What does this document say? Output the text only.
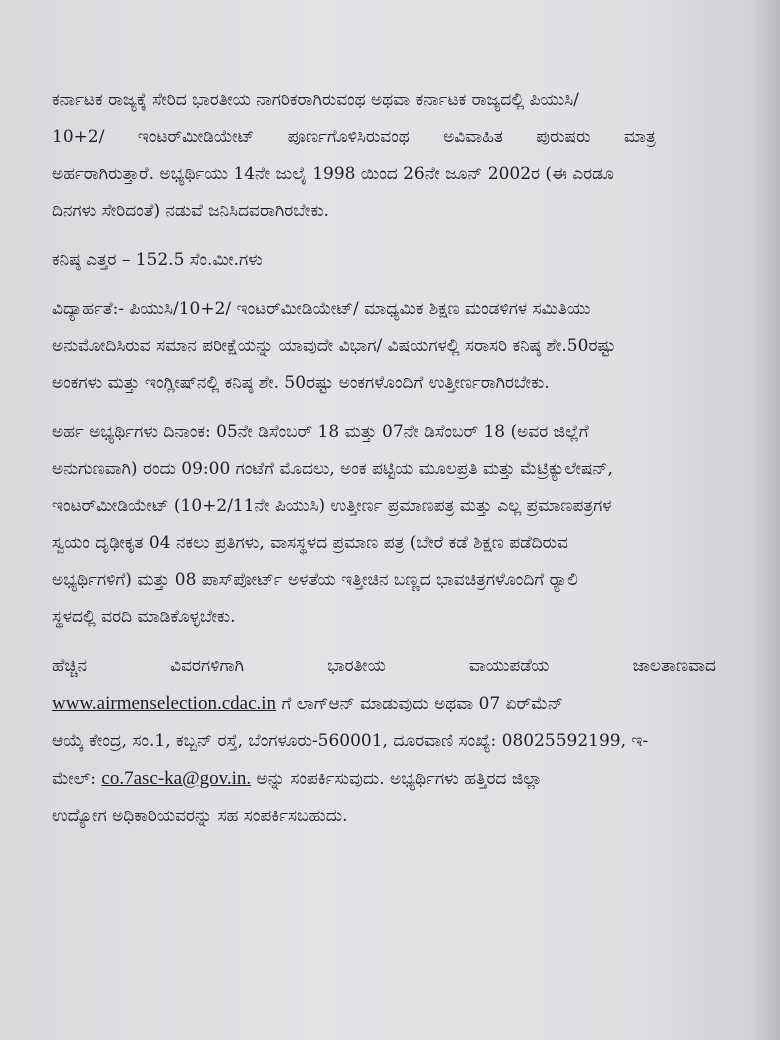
ಕರ್ನಾಟಕ ರಾಜ್ಯಕ್ಕೆ ಸೇರಿದ ಭಾರತೀಯ ನಾಗರಿಕರಾಗಿರುವಂಥ ಅಥವಾ ಕರ್ನಾಟಕ ರಾಜ್ಯದಲ್ಲಿ ಪಿಯುಸಿ/
10+2/ ಇಂಟರ್‌ಮೀಡಿಯೇಟ್ ಪೂರ್ಣಗೊಳಿಸಿರುವಂಥ ಅವಿವಾಹಿತ ಪುರುಷರು ಮಾತ್ರ
ಅರ್ಹರಾಗಿರುತ್ತಾರೆ. ಅಭ್ಯರ್ಥಿಯು 14ನೇ ಜುಲೈ 1998 ಯಿಂದ 26ನೇ ಜೂನ್ 2002ರ (ಈ ಎರಡೂ
ದಿನಗಳು ಸೇರಿದಂತೆ) ನಡುವೆ ಜನಿಸಿದವರಾಗಿರಬೇಕು.
ಕನಿಷ್ಠ ಎತ್ತರ – 152.5 ಸೆಂ.ಮೀ.ಗಳು
ವಿದ್ಯಾರ್ಹತೆ:- ಪಿಯುಸಿ/10+2/ ಇಂಟರ್‌ಮೀಡಿಯೇಟ್/ ಮಾಧ್ಯಮಿಕ ಶಿಕ್ಷಣ ಮಂಡಳಿಗಳ ಸಮಿತಿಯು
ಅನುಮೋದಿಸಿರುವ ಸಮಾನ ಪರೀಕ್ಷೆಯನ್ನು ಯಾವುದೇ ವಿಭಾಗ/ ವಿಷಯಗಳಲ್ಲಿ ಸರಾಸರಿ ಕನಿಷ್ಠ ಶೇ.50ರಷ್ಟು
ಅಂಕಗಳು ಮತ್ತು ಇಂಗ್ಲೀಷ್‌ನಲ್ಲಿ ಕನಿಷ್ಠ ಶೇ. 50ರಷ್ಟು ಅಂಕಗಳೊಂದಿಗೆ ಉತ್ತೀರ್ಣರಾಗಿರಬೇಕು.
ಅರ್ಹ ಅಭ್ಯರ್ಥಿಗಳು ದಿನಾಂಕ: 05ನೇ ಡಿಸೆಂಬರ್ 18 ಮತ್ತು 07ನೇ ಡಿಸೆಂಬರ್ 18 (ಅವರ ಜಿಲ್ಲೆಗೆ
ಅನುಗುಣವಾಗಿ) ರಂದು 09:00 ಗಂಟೆಗೆ ಮೊದಲು, ಅಂಕ ಪಟ್ಟಿಯ ಮೂಲಪ್ರತಿ ಮತ್ತು ಮೆಟ್ರಿಕ್ಯುಲೇಷನ್,
ಇಂಟರ್‌ಮೀಡಿಯೇಟ್ (10+2/11ನೇ ಪಿಯುಸಿ) ಉತ್ತೀರ್ಣ ಪ್ರಮಾಣಪತ್ರ ಮತ್ತು ಎಲ್ಲ ಪ್ರಮಾಣಪತ್ರಗಳ
ಸ್ವಯಂ ದೃಢೀಕೃತ 04 ನಕಲು ಪ್ರತಿಗಳು, ವಾಸಸ್ಥಳದ ಪ್ರಮಾಣ ಪತ್ರ (ಬೇರೆ ಕಡೆ ಶಿಕ್ಷಣ ಪಡೆದಿರುವ
ಅಭ್ಯರ್ಥಿಗಳಿಗೆ) ಮತ್ತು 08 ಪಾಸ್‌ಪೋರ್ಟ್ ಅಳತೆಯ ಇತ್ತೀಚಿನ ಬಣ್ಣದ ಭಾವಚಿತ್ರಗಳೊಂದಿಗೆ ರ್‍ಯಾಲಿ
ಸ್ಥಳದಲ್ಲಿ ವರದಿ ಮಾಡಿಕೊಳ್ಳಬೇಕು.
ಹೆಚ್ಚಿನ	ವಿವರಗಳಿಗಾಗಿ	ಭಾರತೀಯ	ವಾಯುಪಡೆಯ	ಜಾಲತಾಣವಾದ
www.airmenselection.cdac.in ಗೆ ಲಾಗ್‌ಆನ್ ಮಾಡುವುದು ಅಥವಾ 07 ಏರ್‌ಮೆನ್
ಆಯ್ಕೆ ಕೇಂದ್ರ, ಸಂ.1, ಕಬ್ಬನ್ ರಸ್ತೆ, ಬೆಂಗಳೂರು-560001, ದೂರವಾಣಿ ಸಂಖ್ಯೆ: 08025592199, ಇ-
ಮೇಲ್: co.7asc-ka@gov.in. ಅನ್ನು ಸಂಪರ್ಕಿಸುವುದು. ಅಭ್ಯರ್ಥಿಗಳು ಹತ್ತಿರದ ಜಿಲ್ಲಾ
ಉದ್ಯೋಗ ಅಧಿಕಾರಿಯವರನ್ನು ಸಹ ಸಂಪರ್ಕಿಸಬಹುದು.
